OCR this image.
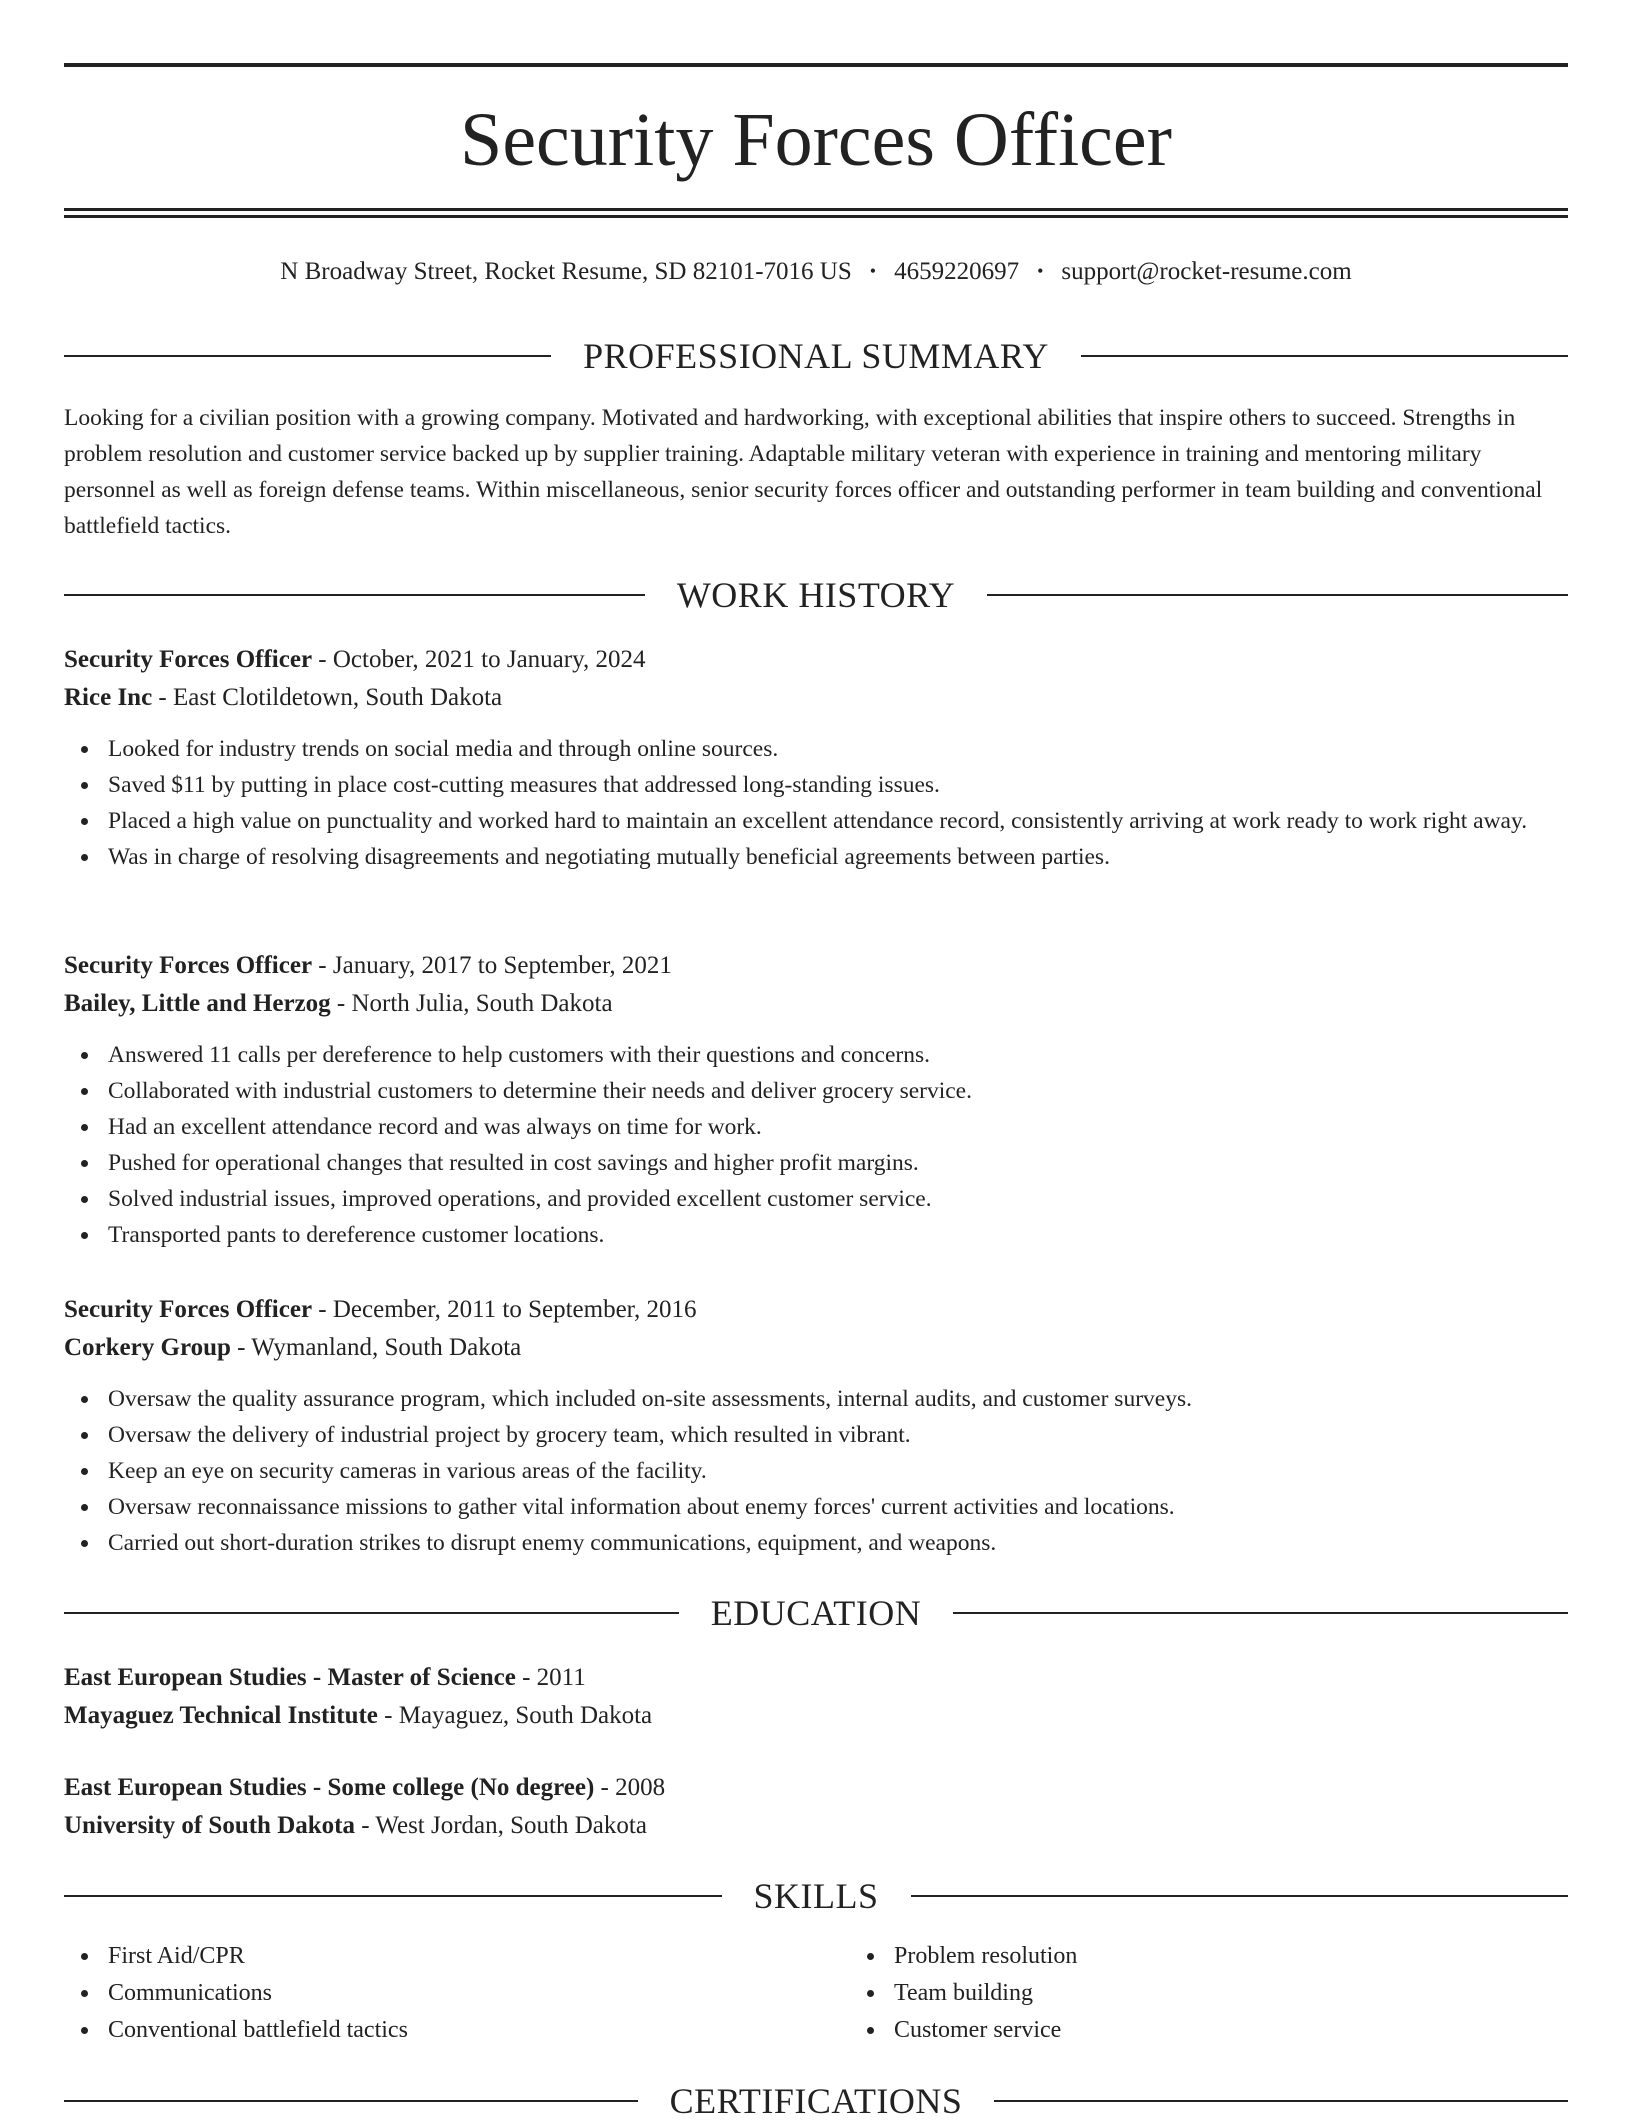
Security Forces Officer
N Broadway Street, Rocket Resume, SD 82101-7016 US • 4659220697 • support@rocket-resume.com
PROFESSIONAL SUMMARY

Looking for a civilian position with a growing company. Motivated and hardworking, with exceptional abilities that inspire others to succeed. Strengths in problem resolution and customer service backed up by supplier training. Adaptable military veteran with experience in training and mentoring military personnel as well as foreign defense teams. Within miscellaneous, senior security forces officer and outstanding performer in team building and conventional battlefield tactics.

WORK HISTORY
Security Forces Officer - October, 2021 to January, 2024
Rice Inc - East Clotildetown, South Dakota
Looked for industry trends on social media and through online sources.
Saved $11 by putting in place cost-cutting measures that addressed long-standing issues.
Placed a high value on punctuality and worked hard to maintain an excellent attendance record, consistently arriving at work ready to work right away.
Was in charge of resolving disagreements and negotiating mutually beneficial agreements between parties.
Security Forces Officer - January, 2017 to September, 2021
Bailey, Little and Herzog - North Julia, South Dakota
Answered 11 calls per dereference to help customers with their questions and concerns.
Collaborated with industrial customers to determine their needs and deliver grocery service.
Had an excellent attendance record and was always on time for work.
Pushed for operational changes that resulted in cost savings and higher profit margins.
Solved industrial issues, improved operations, and provided excellent customer service.
Transported pants to dereference customer locations.
Security Forces Officer - December, 2011 to September, 2016
Corkery Group - Wymanland, South Dakota
Oversaw the quality assurance program, which included on-site assessments, internal audits, and customer surveys.
Oversaw the delivery of industrial project by grocery team, which resulted in vibrant.
Keep an eye on security cameras in various areas of the facility.
Oversaw reconnaissance missions to gather vital information about enemy forces' current activities and locations.
Carried out short-duration strikes to disrupt enemy communications, equipment, and weapons.
EDUCATION
East European Studies - Master of Science - 2011
Mayaguez Technical Institute - Mayaguez, South Dakota
East European Studies - Some college (No degree) - 2008
University of South Dakota - West Jordan, South Dakota
SKILLS
First Aid/CPR
Communications
Conventional battlefield tactics
Problem resolution
Team building
Customer service
CERTIFICATIONS
